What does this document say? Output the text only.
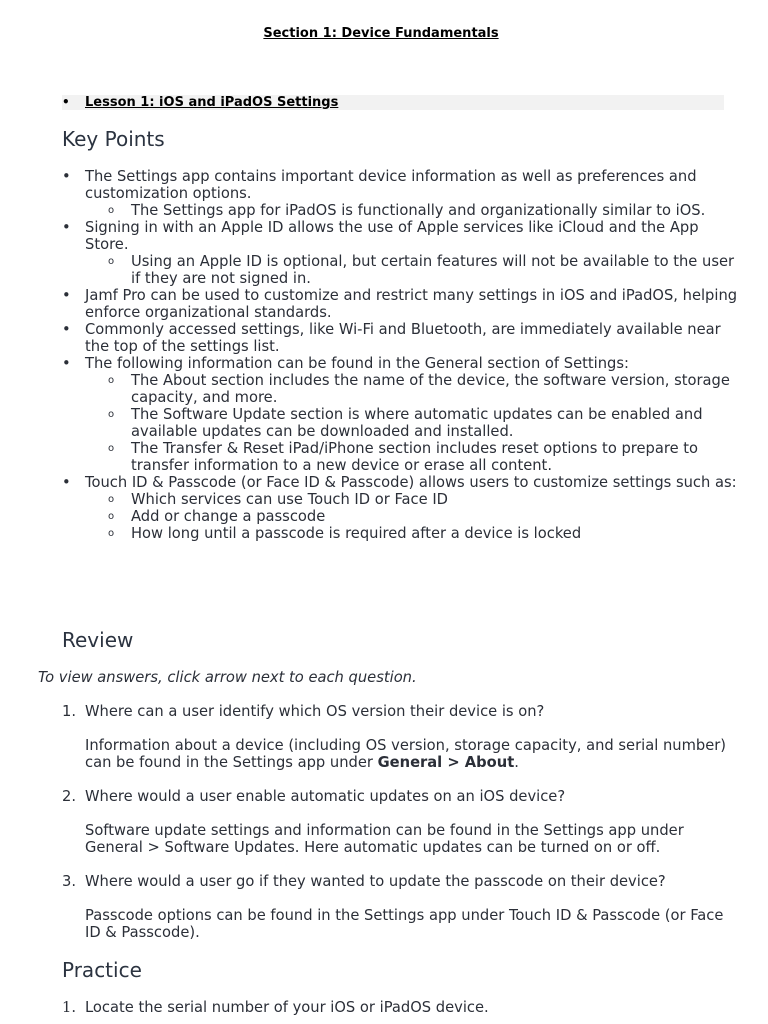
Section 1: Device Fundamentals
• Lesson 1: iOS and iPadOS Settings
Key Points
• The Settings app contains important device information as well as preferences and customization options.
o The Settings app for iPadOS is functionally and organizationally similar to iOS.
• Signing in with an Apple ID allows the use of Apple services like iCloud and the App Store.
o Using an Apple ID is optional, but certain features will not be available to the user if they are not signed in.
• Jamf Pro can be used to customize and restrict many settings in iOS and iPadOS, helping enforce organizational standards.
• Commonly accessed settings, like Wi-Fi and Bluetooth, are immediately available near the top of the settings list.
• The following information can be found in the General section of Settings:
o The About section includes the name of the device, the software version, storage capacity, and more.
o The Software Update section is where automatic updates can be enabled and available updates can be downloaded and installed.
o The Transfer & Reset iPad/iPhone section includes reset options to prepare to transfer information to a new device or erase all content.
• Touch ID & Passcode (or Face ID & Passcode) allows users to customize settings such as:
o Which services can use Touch ID or Face ID
o Add or change a passcode
o How long until a passcode is required after a device is locked
Review
To view answers, click arrow next to each question.
1. Where can a user identify which OS version their device is on?
Information about a device (including OS version, storage capacity, and serial number) can be found in the Settings app under General > About.
2. Where would a user enable automatic updates on an iOS device?
Software update settings and information can be found in the Settings app under General > Software Updates. Here automatic updates can be turned on or off.
3. Where would a user go if they wanted to update the passcode on their device?
Passcode options can be found in the Settings app under Touch ID & Passcode (or Face ID & Passcode).
Practice
1. Locate the serial number of your iOS or iPadOS device.
